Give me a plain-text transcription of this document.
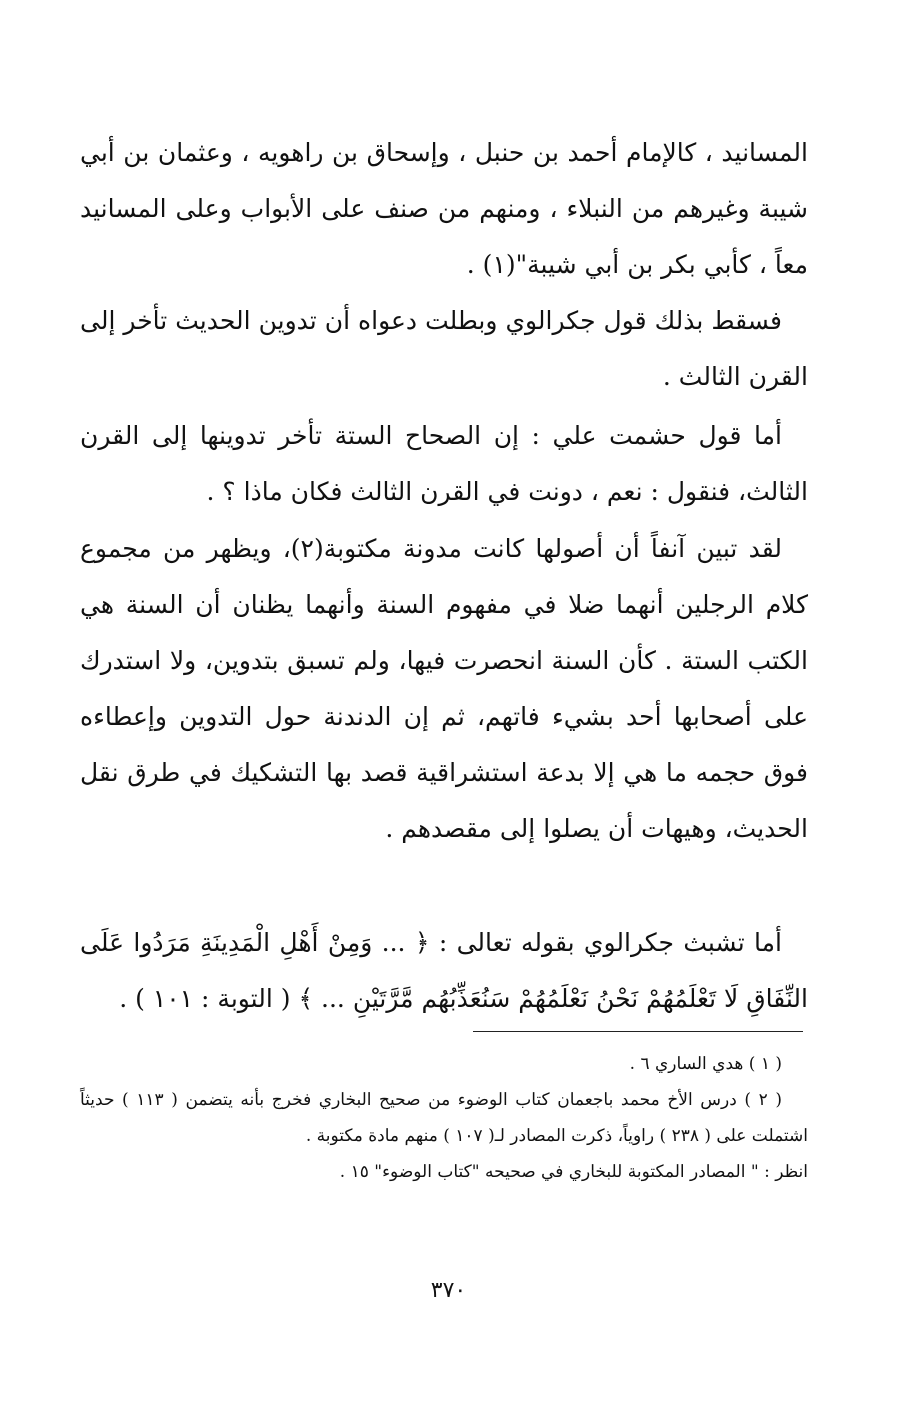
المسانيد ، كالإمام أحمد بن حنبل ، وإسحاق بن راهويه ، وعثمان بن أبي شيبة وغيرهم من النبلاء ، ومنهم من صنف على الأبواب وعلى المسانيد معاً ، كأبي بكر بن أبي شيبة"(١) .

فسقط بذلك قول جكرالوي وبطلت دعواه أن تدوين الحديث تأخر إلى القرن الثالث .

أما قول حشمت علي : إن الصحاح الستة تأخر تدوينها إلى القرن الثالث، فنقول : نعم ، دونت في القرن الثالث فكان ماذا ؟ .

لقد تبين آنفاً أن أصولها كانت مدونة مكتوبة(٢)، ويظهر من مجموع كلام الرجلين أنهما ضلا في مفهوم السنة وأنهما يظنان أن السنة هي الكتب الستة . كأن السنة انحصرت فيها، ولم تسبق بتدوين، ولا استدرك على أصحابها أحد بشيء فاتهم، ثم إن الدندنة حول التدوين وإعطاءه فوق حجمه ما هي إلا بدعة استشراقية قصد بها التشكيك في طرق نقل الحديث، وهيهات أن يصلوا إلى مقصدهم .

أما تشبث جكرالوي بقوله تعالى : ﴿ ... وَمِنْ أَهْلِ الْمَدِينَةِ مَرَدُوا عَلَى النِّفَاقِ لَا تَعْلَمُهُمْ نَحْنُ نَعْلَمُهُمْ سَنُعَذِّبُهُم مَّرَّتَيْنِ ... ﴾ ( التوبة : ١٠١ ) .

( ١ ) هدي الساري ٦ .

( ٢ ) درس الأخ محمد باجعمان كتاب الوضوء من صحيح البخاري فخرج بأنه يتضمن ( ١١٣ ) حديثاً اشتملت على ( ٢٣٨ ) راوياً، ذكرت المصادر لـ( ١٠٧ ) منهم مادة مكتوبة .

انظر : " المصادر المكتوبة للبخاري في صحيحه "كتاب الوضوء" ١٥ .

٣٧٠
